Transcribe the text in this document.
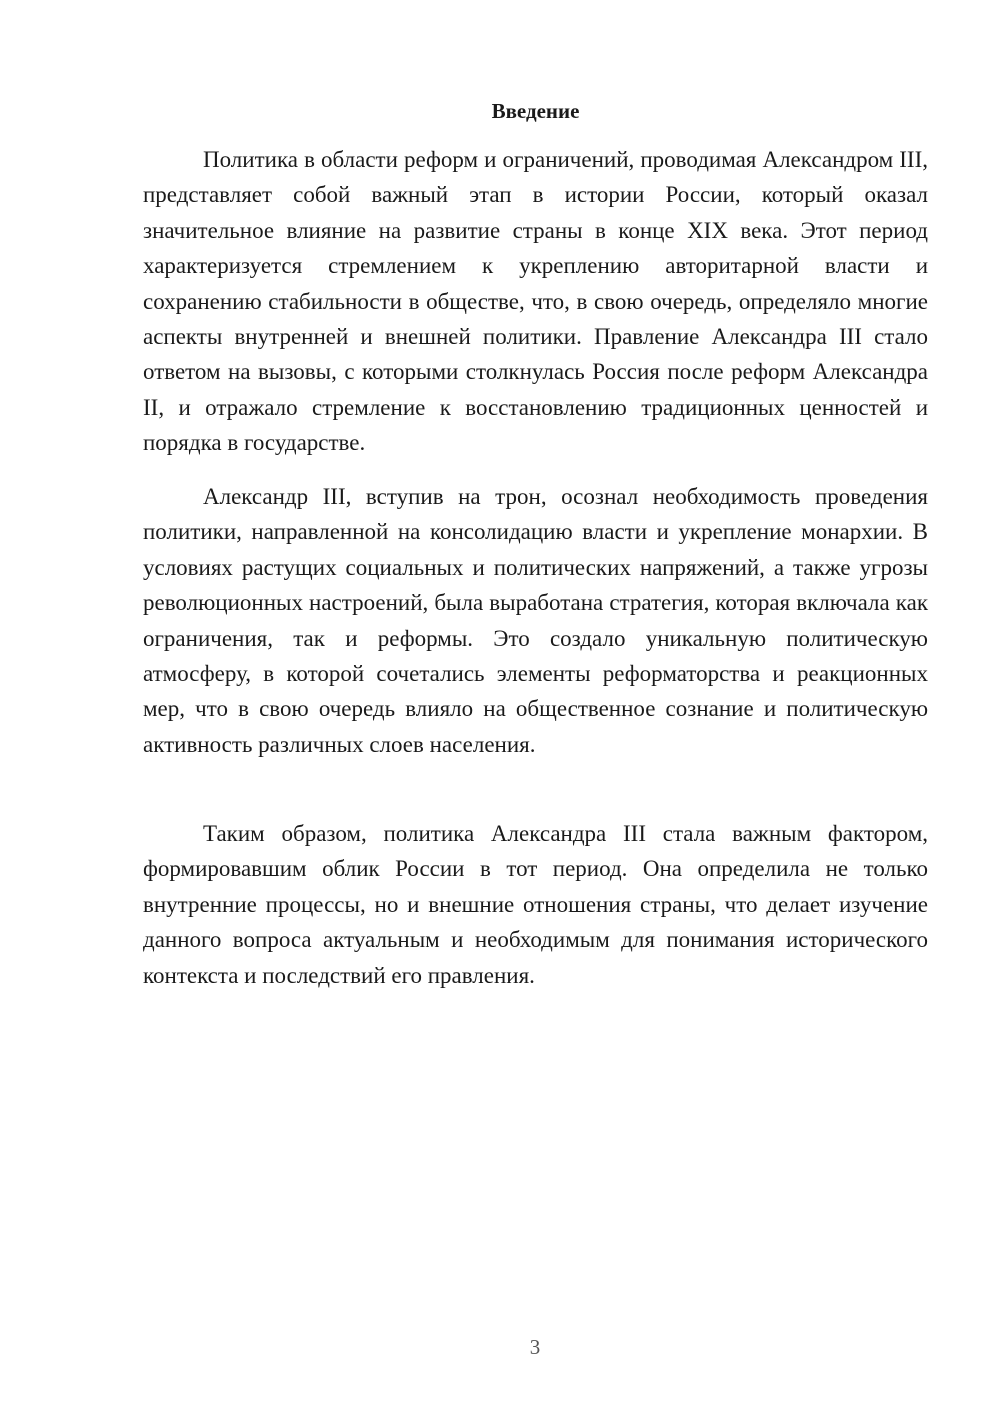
Введение

Политика в области реформ и ограничений, проводимая Александром III, представляет собой важный этап в истории России, который оказал значительное влияние на развитие страны в конце XIX века. Этот период характеризуется стремлением к укреплению авторитарной власти и сохранению стабильности в обществе, что, в свою очередь, определяло многие аспекты внутренней и внешней политики. Правление Александра III стало ответом на вызовы, с которыми столкнулась Россия после реформ Александра II, и отражало стремление к восстановлению традиционных ценностей и порядка в государстве.

Александр III, вступив на трон, осознал необходимость проведения политики, направленной на консолидацию власти и укрепление монархии. В условиях растущих социальных и политических напряжений, а также угрозы революционных настроений, была выработана стратегия, которая включала как ограничения, так и реформы. Это создало уникальную политическую атмосферу, в которой сочетались элементы реформаторства и реакционных мер, что в свою очередь влияло на общественное сознание и политическую активность различных слоев населения.

Таким образом, политика Александра III стала важным фактором, формировавшим облик России в тот период. Она определила не только внутренние процессы, но и внешние отношения страны, что делает изучение данного вопроса актуальным и необходимым для понимания исторического контекста и последствий его правления.

3
